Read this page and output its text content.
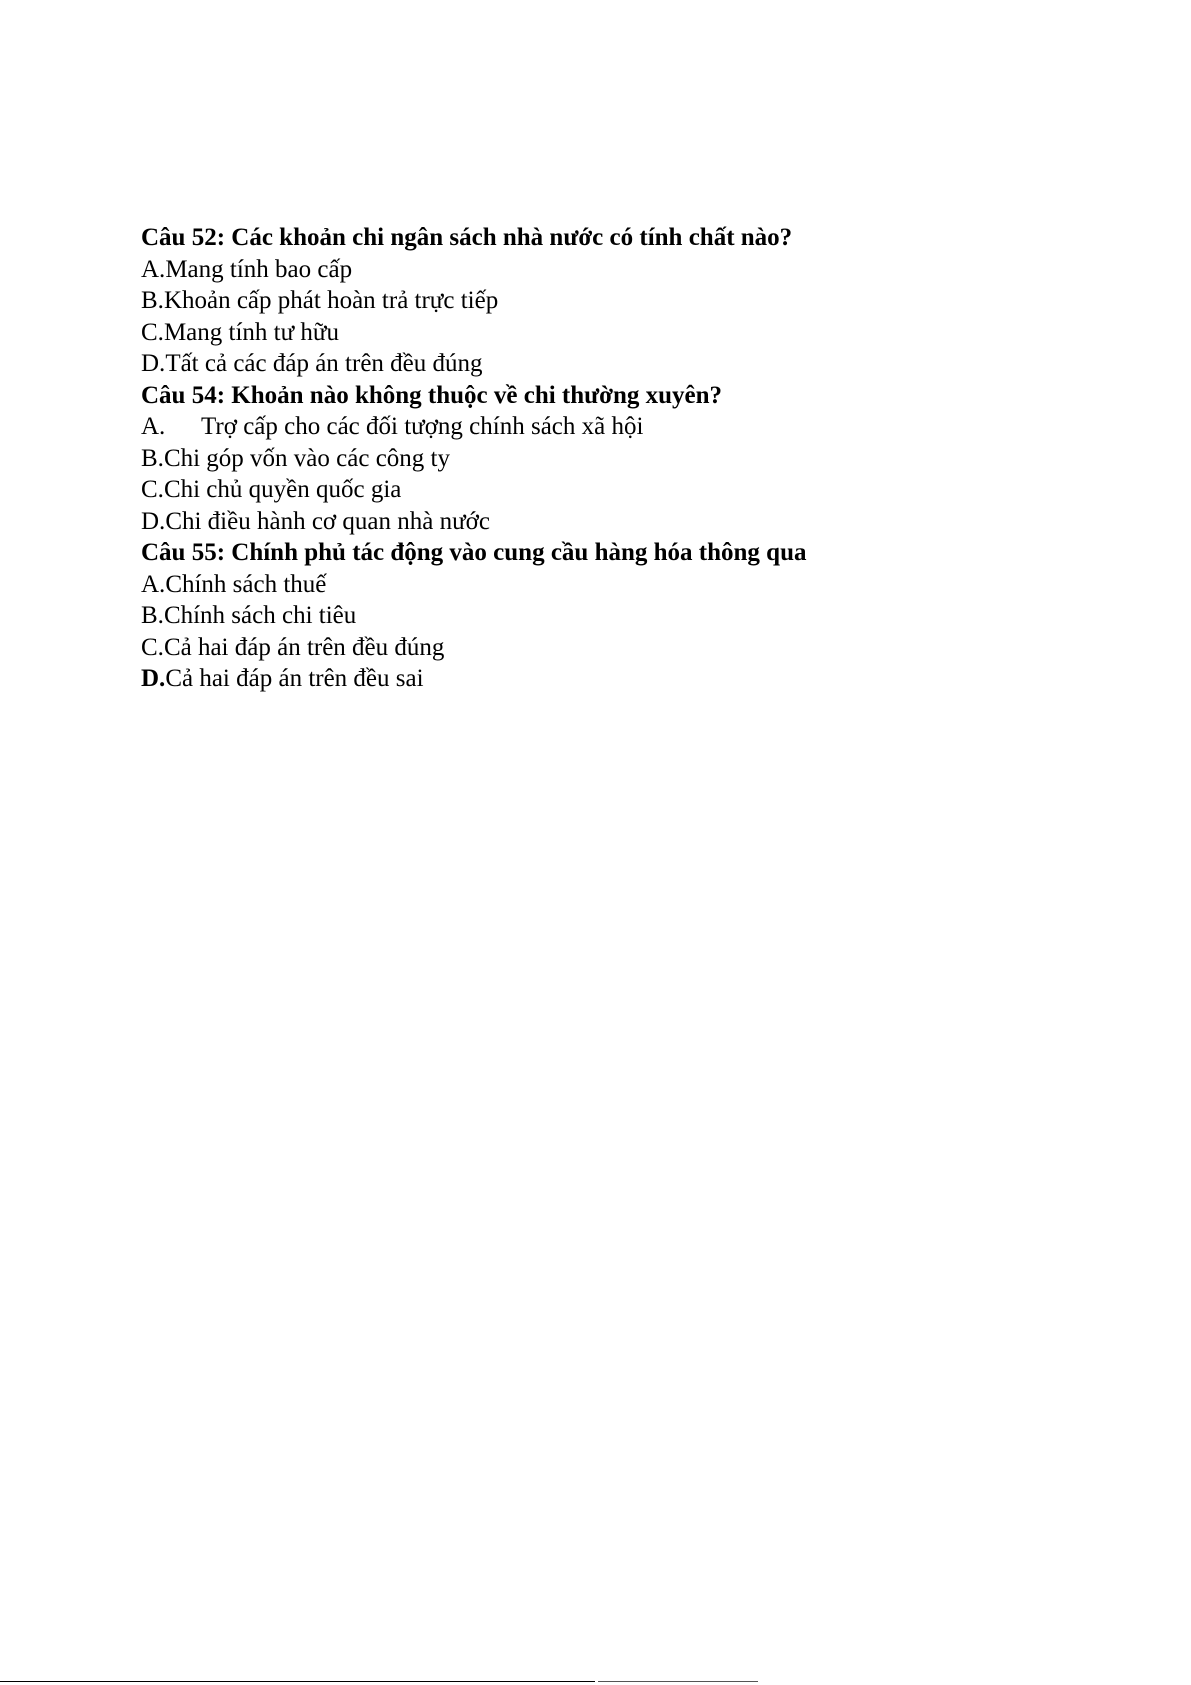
Câu 52: Các khoản chi ngân sách nhà nước có tính chất nào?
A.Mang tính bao cấp
B.Khoản cấp phát hoàn trả trực tiếp
C.Mang tính tư hữu
D.Tất cả các đáp án trên đều đúng
Câu 54: Khoản nào không thuộc về chi thường xuyên?
A. Trợ cấp cho các đối tượng chính sách xã hội
B.Chi góp vốn vào các công ty
C.Chi chủ quyền quốc gia
D.Chi điều hành cơ quan nhà nước
Câu 55: Chính phủ tác động vào cung cầu hàng hóa thông qua
A.Chính sách thuế
B.Chính sách chi tiêu
C.Cả hai đáp án trên đều đúng
D.Cả hai đáp án trên đều sai
